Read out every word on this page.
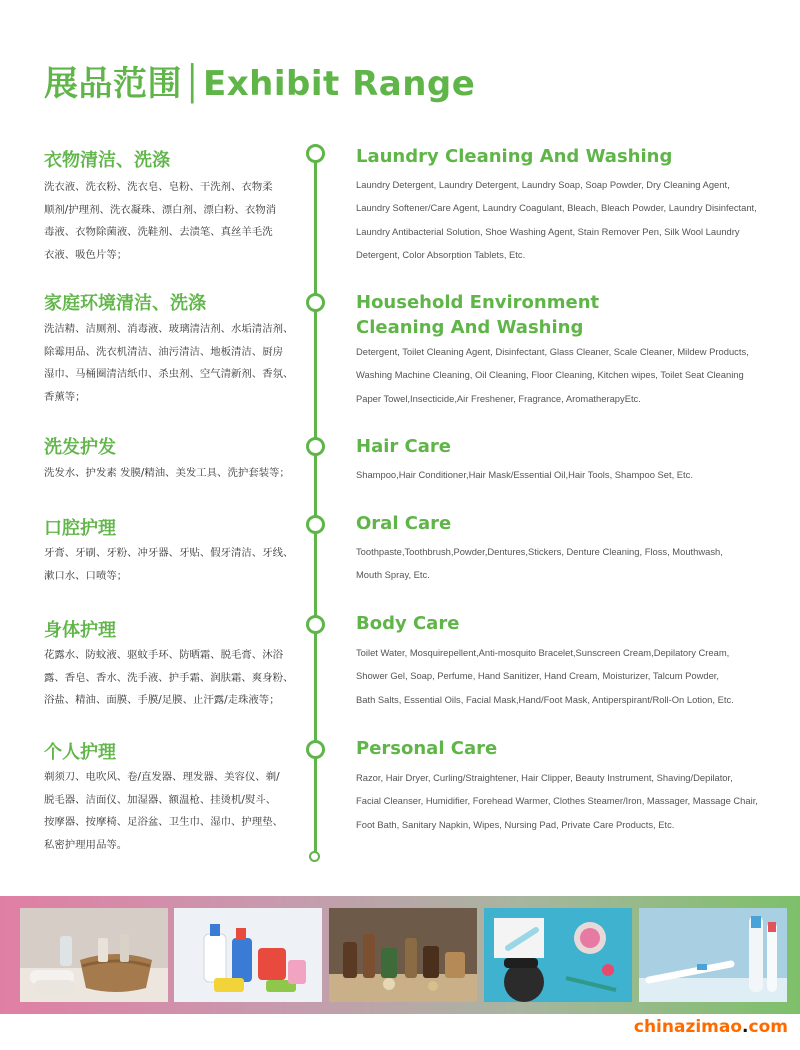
展品范围│Exhibit Range
衣物清洁、洗涤
洗衣液、洗衣粉、洗衣皂、皂粉、干洗剂、衣物柔
顺剂/护理剂、洗衣凝珠、漂白剂、漂白粉、衣物消
毒液、衣物除菌液、洗鞋剂、去渍笔、真丝羊毛洗
衣液、吸色片等；
Laundry Cleaning And Washing
Laundry Detergent, Laundry Detergent, Laundry Soap, Soap Powder, Dry Cleaning Agent,
Laundry Softener/Care Agent, Laundry Coagulant, Bleach, Bleach Powder, Laundry Disinfectant,
Laundry Antibacterial Solution, Shoe Washing Agent, Stain Remover Pen, Silk Wool Laundry
Detergent, Color Absorption Tablets, Etc.
家庭环境清洁、洗涤
洗洁精、洁厕剂、消毒液、玻璃清洁剂、水垢清洁剂、
除霉用品、洗衣机清洁、油污清洁、地板清洁、厨房
湿巾、马桶圈清洁纸巾、杀虫剂、空气清新剂、香氛、
香薰等；
Household Environment
Cleaning And Washing
Detergent, Toilet Cleaning Agent, Disinfectant, Glass Cleaner, Scale Cleaner, Mildew Products,
Washing Machine Cleaning, Oil Cleaning, Floor Cleaning, Kitchen wipes, Toilet Seat Cleaning
Paper Towel,Insecticide,Air Freshener, Fragrance, AromatherapyEtc.
洗发护发
洗发水、护发素 发膜/精油、美发工具、洗护套装等；
Hair Care
Shampoo,Hair Conditioner,Hair Mask/Essential Oil,Hair Tools, Shampoo Set, Etc.
口腔护理
牙膏、牙刷、牙粉、冲牙器、牙贴、假牙清洁、牙线、
漱口水、口喷等；
Oral Care
Toothpaste,Toothbrush,Powder,Dentures,Stickers, Denture Cleaning, Floss, Mouthwash,
Mouth Spray, Etc.
身体护理
花露水、防蚊液、驱蚊手环、防晒霜、脱毛膏、沐浴
露、香皂、香水、洗手液、护手霜、润肤霜、爽身粉、
浴盐、精油、面膜、手膜/足膜、止汗露/走珠液等；
Body Care
Toilet Water, Mosquirepellent,Anti-mosquito Bracelet,Sunscreen Cream,Depilatory Cream,
Shower Gel, Soap, Perfume, Hand Sanitizer, Hand Cream, Moisturizer, Talcum Powder,
Bath Salts, Essential Oils, Facial Mask,Hand/Foot Mask, Antiperspirant/Roll-On Lotion, Etc.
个人护理
剃须刀、电吹风、卷/直发器、理发器、美容仪、剃/
脱毛器、洁面仪、加湿器、额温枪、挂烫机/熨斗、
按摩器、按摩椅、足浴盆、卫生巾、湿巾、护理垫、
私密护理用品等。
Personal Care
Razor, Hair Dryer, Curling/Straightener, Hair Clipper, Beauty Instrument, Shaving/Depilator,
Facial Cleanser, Humidifier, Forehead Warmer, Clothes Steamer/Iron, Massager, Massage Chair,
Foot Bath, Sanitary Napkin, Wipes, Nursing Pad, Private Care Products, Etc.
chinazimao.com
